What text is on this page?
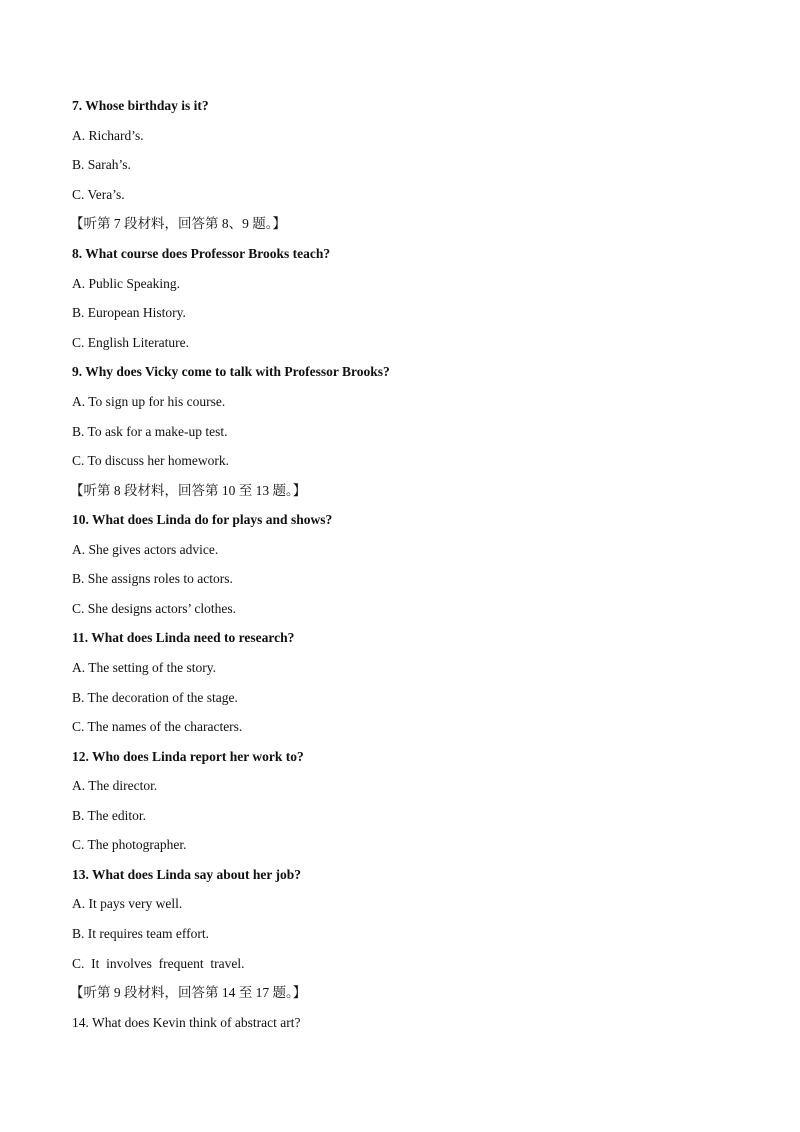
7. Whose birthday is it?
A. Richard’s.
B. Sarah’s.
C. Vera’s.
【听第 7 段材料，回答第 8、9 题。】
8. What course does Professor Brooks teach?
A. Public Speaking.
B. European History.
C. English Literature.
9. Why does Vicky come to talk with Professor Brooks?
A. To sign up for his course.
B. To ask for a make-up test.
C. To discuss her homework.
【听第 8 段材料，回答第 10 至 13 题。】
10. What does Linda do for plays and shows?
A. She gives actors advice.
B. She assigns roles to actors.
C. She designs actors’ clothes.
11. What does Linda need to research?
A. The setting of the story.
B. The decoration of the stage.
C. The names of the characters.
12. Who does Linda report her work to?
A. The director.
B. The editor.
C. The photographer.
13. What does Linda say about her job?
A. It pays very well.
B. It requires team effort.
C.  It  involves  frequent  travel.
【听第 9 段材料，回答第 14 至 17 题。】
14. What does Kevin think of abstract art?
